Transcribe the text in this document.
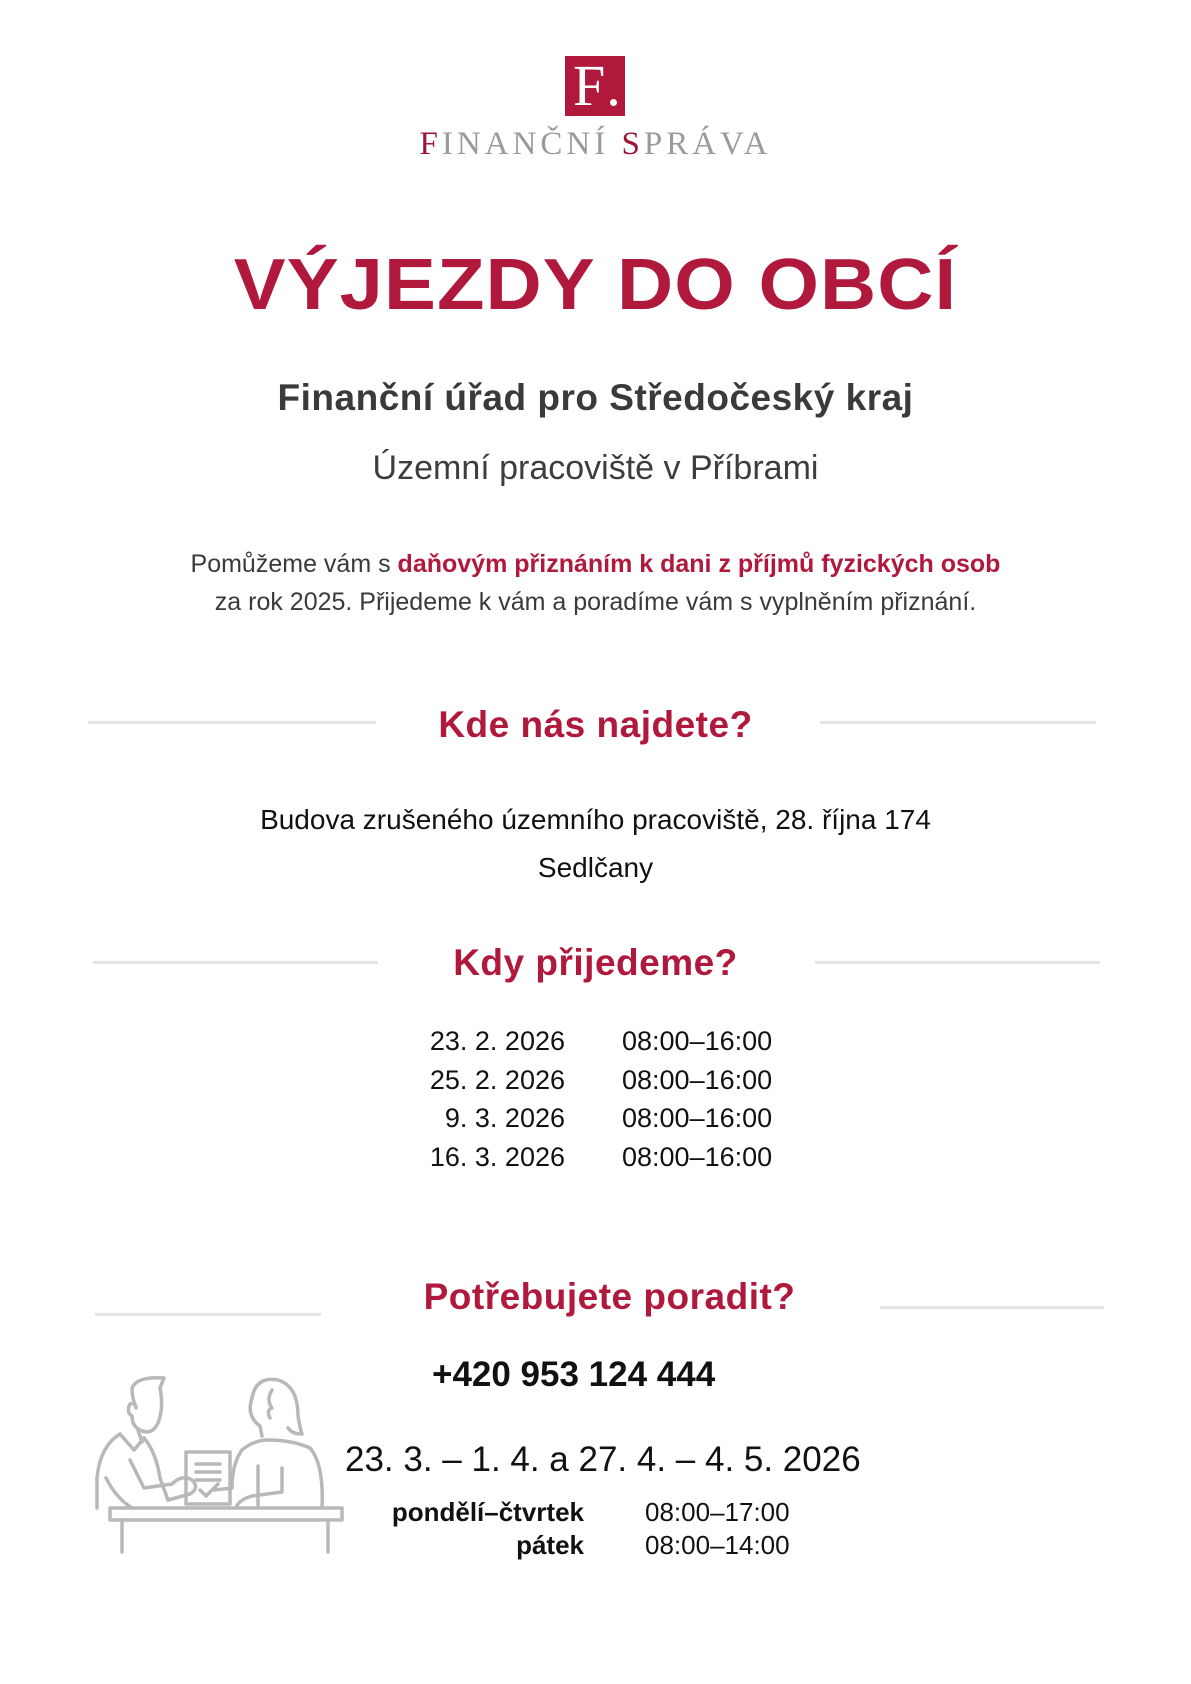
F
FINANČNÍ SPRÁVA
VÝJEZDY DO OBCÍ
Finanční úřad pro Středočeský kraj
Územní pracoviště v Příbrami
Pomůžeme vám s daňovým přiznáním k dani z příjmů fyzických osob
za rok 2025. Přijedeme k vám a poradíme vám s vyplněním přiznání.
Kde nás najdete?
Budova zrušeného územního pracoviště, 28. října 174
Sedlčany
Kdy přijedeme?
23. 2. 2026 08:00–16:00
25. 2. 2026 08:00–16:00
9. 3. 2026 08:00–16:00
16. 3. 2026 08:00–16:00
Potřebujete poradit?
+420 953 124 444
23. 3. – 1. 4. a 27. 4. – 4. 5. 2026
pondělí–čtvrtek 08:00–17:00
pátek 08:00–14:00
